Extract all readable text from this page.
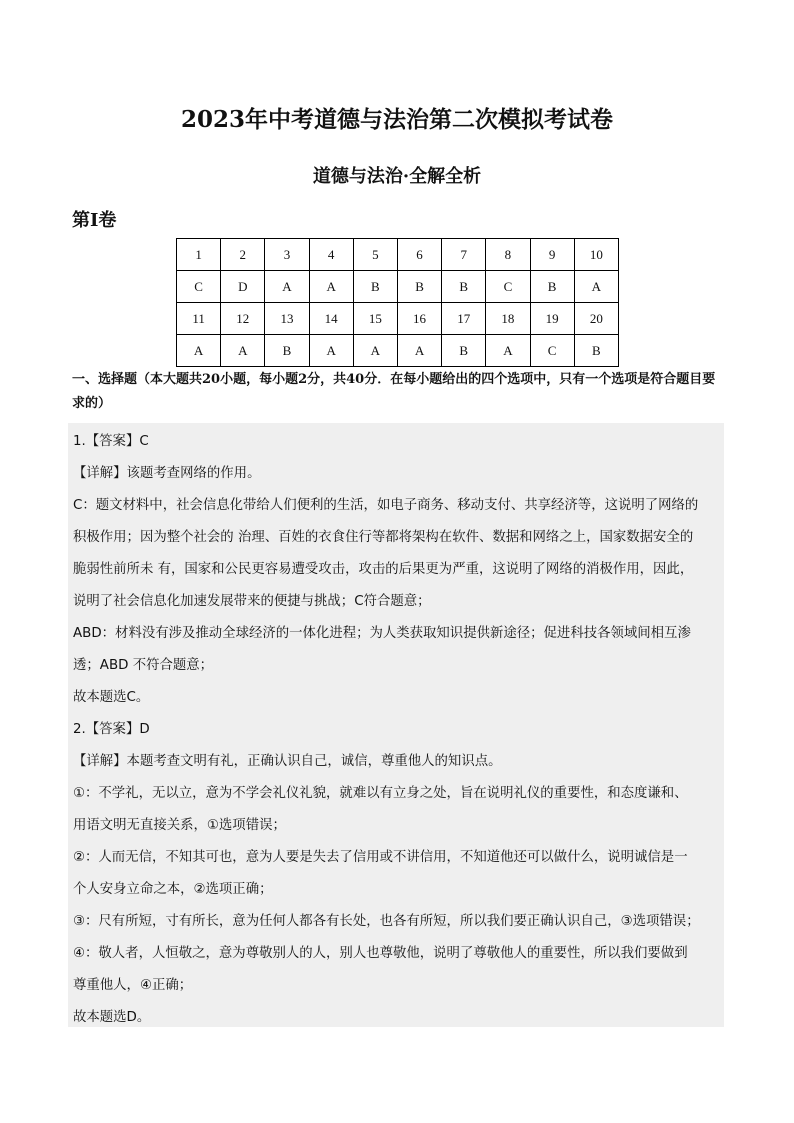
2023年中考道德与法治第二次模拟考试卷
道德与法治·全解全析
第Ⅰ卷
1	2	3	4	5	6	7	8	9	10
C	D	A	A	B	B	B	C	B	A
11	12	13	14	15	16	17	18	19	20
A	A	B	A	A	A	B	A	C	B
一、选择题（本大题共20小题，每小题2分，共40分．在每小题给出的四个选项中，只有一个选项是符合题目要求的）
1.【答案】C
【详解】该题考查网络的作用。
C：题文材料中，社会信息化带给人们便利的生活，如电子商务、移动支付、共享经济等，这说明了网络的
积极作用；因为整个社会的 治理、百姓的衣食住行等都将架构在软件、数据和网络之上，国家数据安全的
脆弱性前所未 有，国家和公民更容易遭受攻击，攻击的后果更为严重，这说明了网络的消极作用，因此，
说明了社会信息化加速发展带来的便捷与挑战；C符合题意；
ABD：材料没有涉及推动全球经济的一体化进程；为人类获取知识提供新途径；促进科技各领域间相互渗
透；ABD 不符合题意；
故本题选C。
2.【答案】D
【详解】本题考查文明有礼，正确认识自己，诚信，尊重他人的知识点。
①：不学礼，无以立，意为不学会礼仪礼貌，就难以有立身之处，旨在说明礼仪的重要性，和态度谦和、
用语文明无直接关系，①选项错误；
②：人而无信，不知其可也，意为人要是失去了信用或不讲信用，不知道他还可以做什么，说明诚信是一
个人安身立命之本，②选项正确；
③：尺有所短，寸有所长，意为任何人都各有长处，也各有所短，所以我们要正确认识自己，③选项错误；
④：敬人者，人恒敬之，意为尊敬别人的人，别人也尊敬他，说明了尊敬他人的重要性，所以我们要做到
尊重他人，④正确；
故本题选D。
